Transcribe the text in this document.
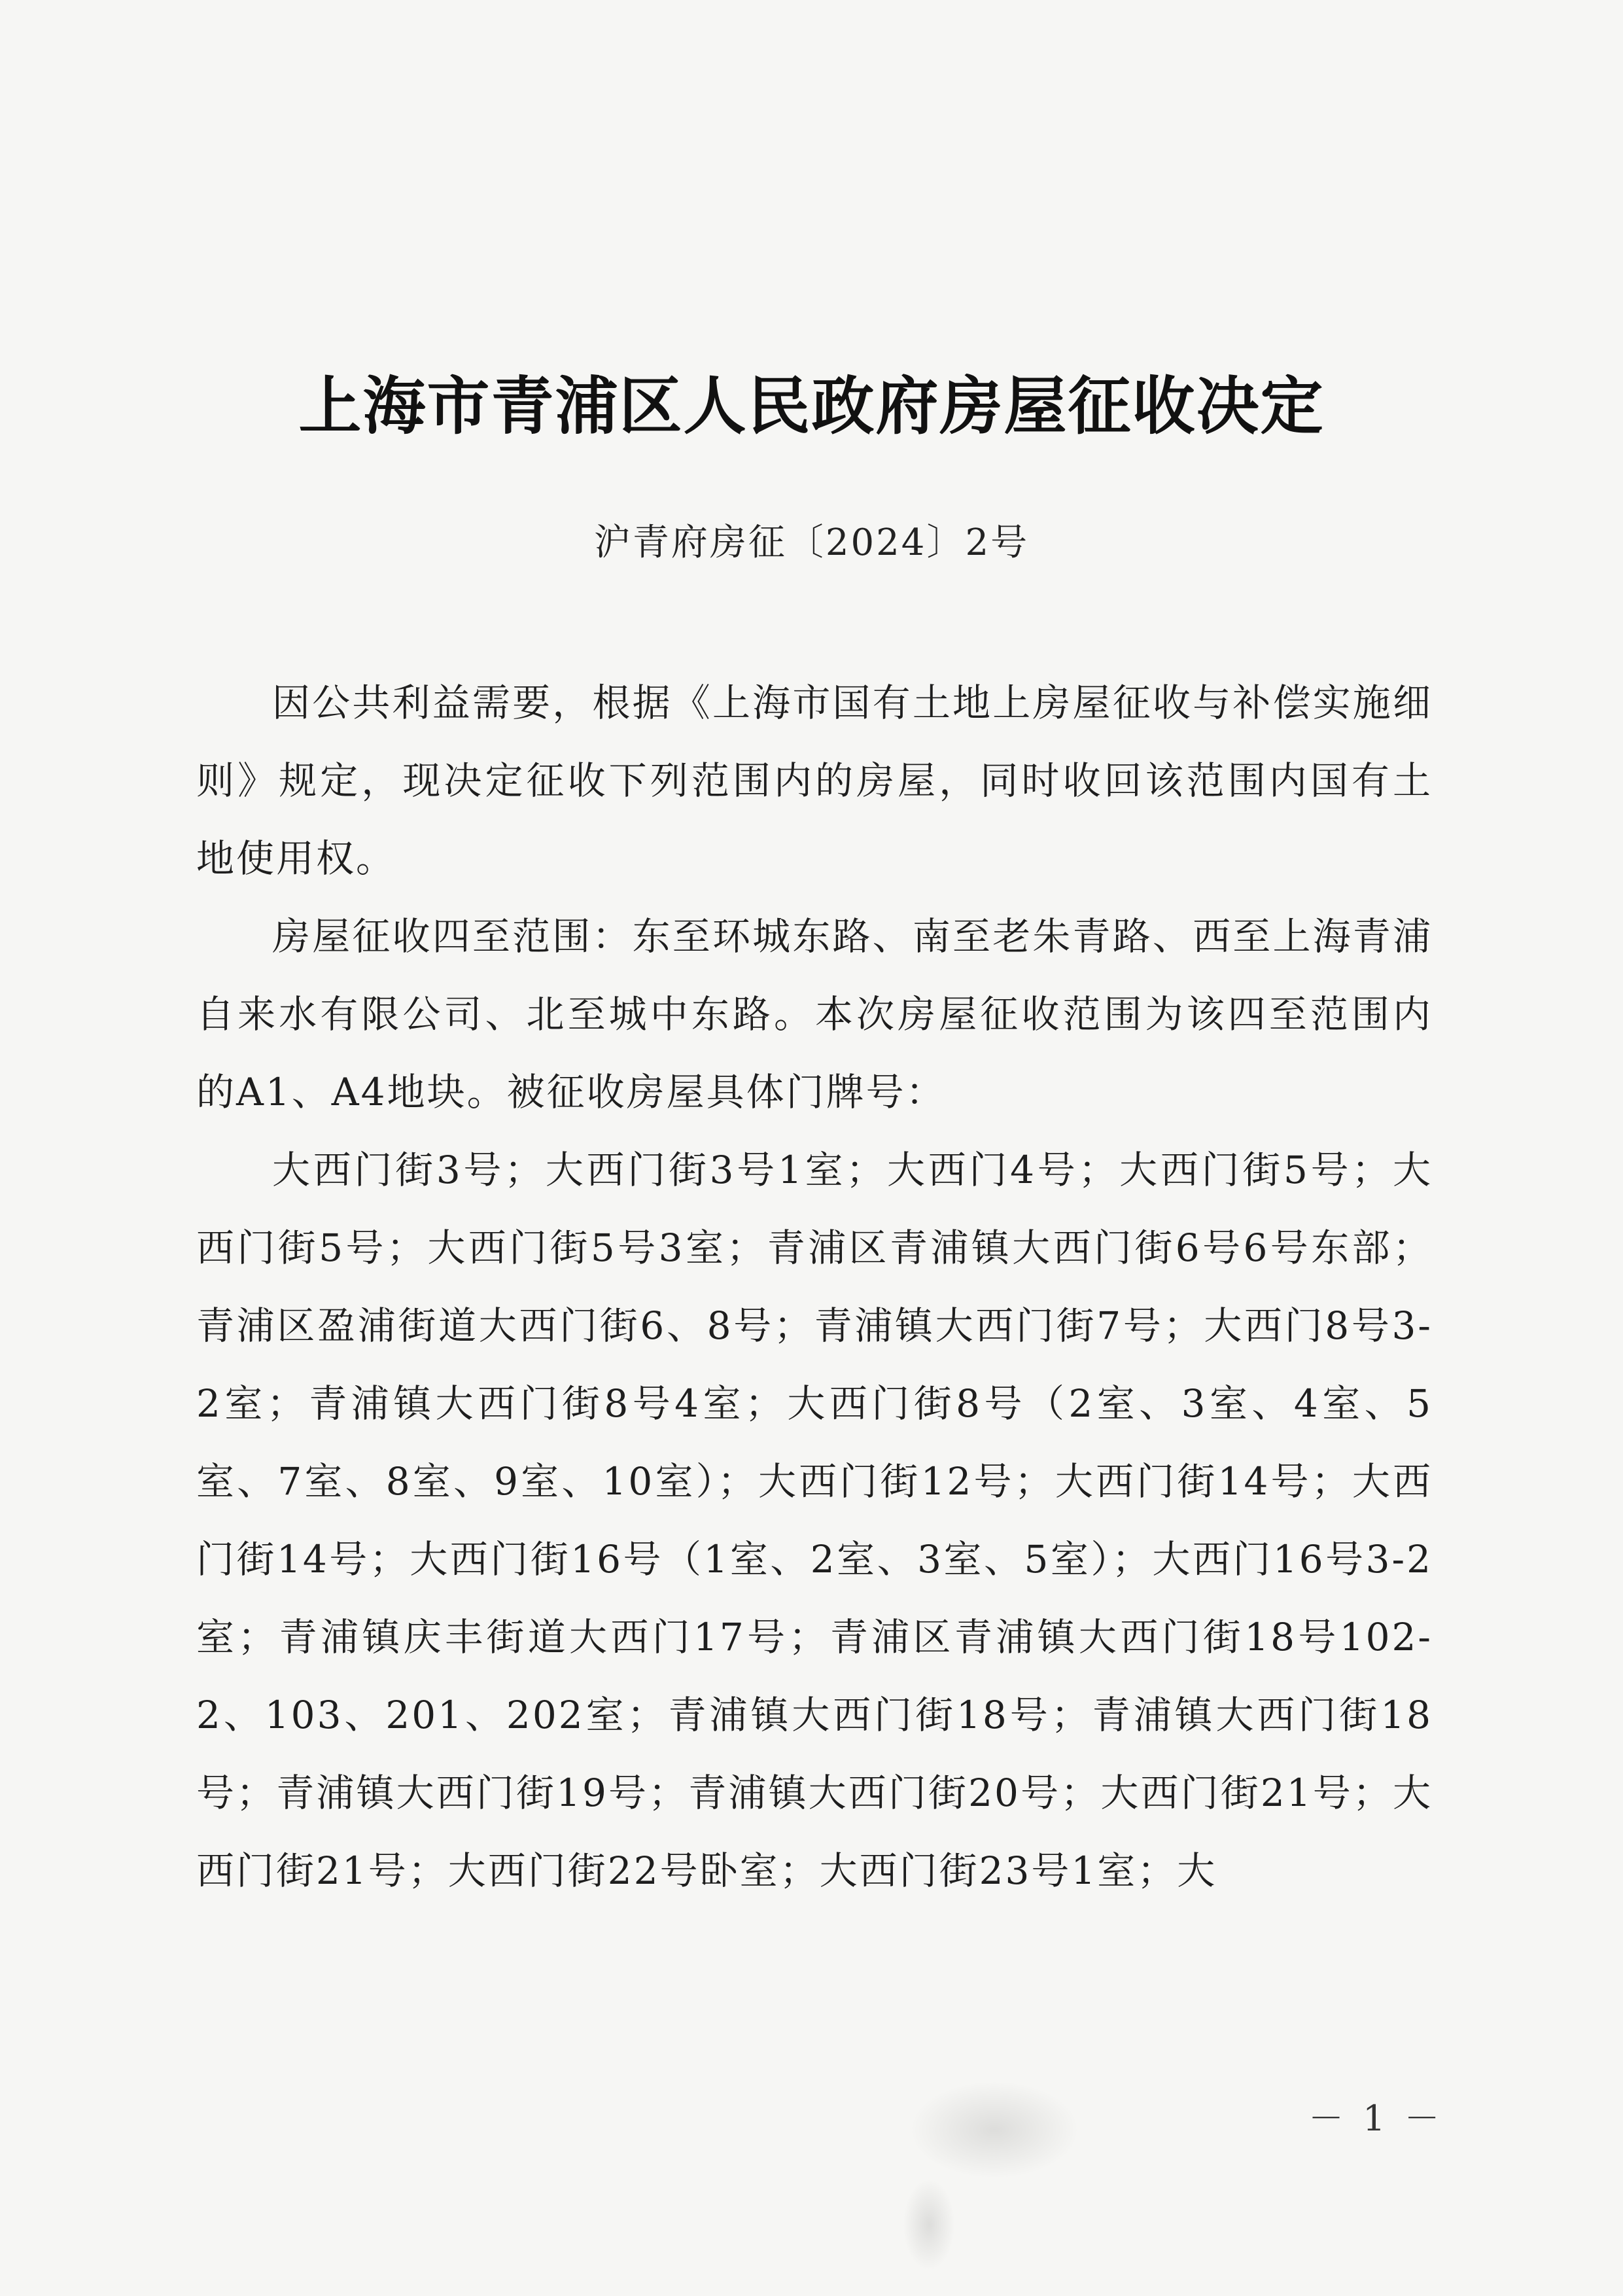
上海市青浦区人民政府房屋征收决定
沪青府房征〔2024〕2号

因公共利益需要，根据《上海市国有土地上房屋征收与补偿实施细则》规定，现决定征收下列范围内的房屋，同时收回该范围内国有土地使用权。

房屋征收四至范围：东至环城东路、南至老朱青路、西至上海青浦自来水有限公司、北至城中东路。本次房屋征收范围为该四至范围内的A1、A4地块。被征收房屋具体门牌号：

大西门街3号；大西门街3号1室；大西门4号；大西门街5号；大西门街5号；大西门街5号3室；青浦区青浦镇大西门街6号6号东部；青浦区盈浦街道大西门街6、8号；青浦镇大西门街7号；大西门8号3-2室；青浦镇大西门街8号4室；大西门街8号（2室、3室、4室、5室、7室、8室、9室、10室）；大西门街12号；大西门街14号；大西门街14号；大西门街16号（1室、2室、3室、5室）；大西门16号3-2室；青浦镇庆丰街道大西门17号；青浦区青浦镇大西门街18号102-2、103、201、202室；青浦镇大西门街18号；青浦镇大西门街18号；青浦镇大西门街19号；青浦镇大西门街20号；大西门街21号；大西门街21号；大西门街22号卧室；大西门街23号1室；大

－ 1 －
